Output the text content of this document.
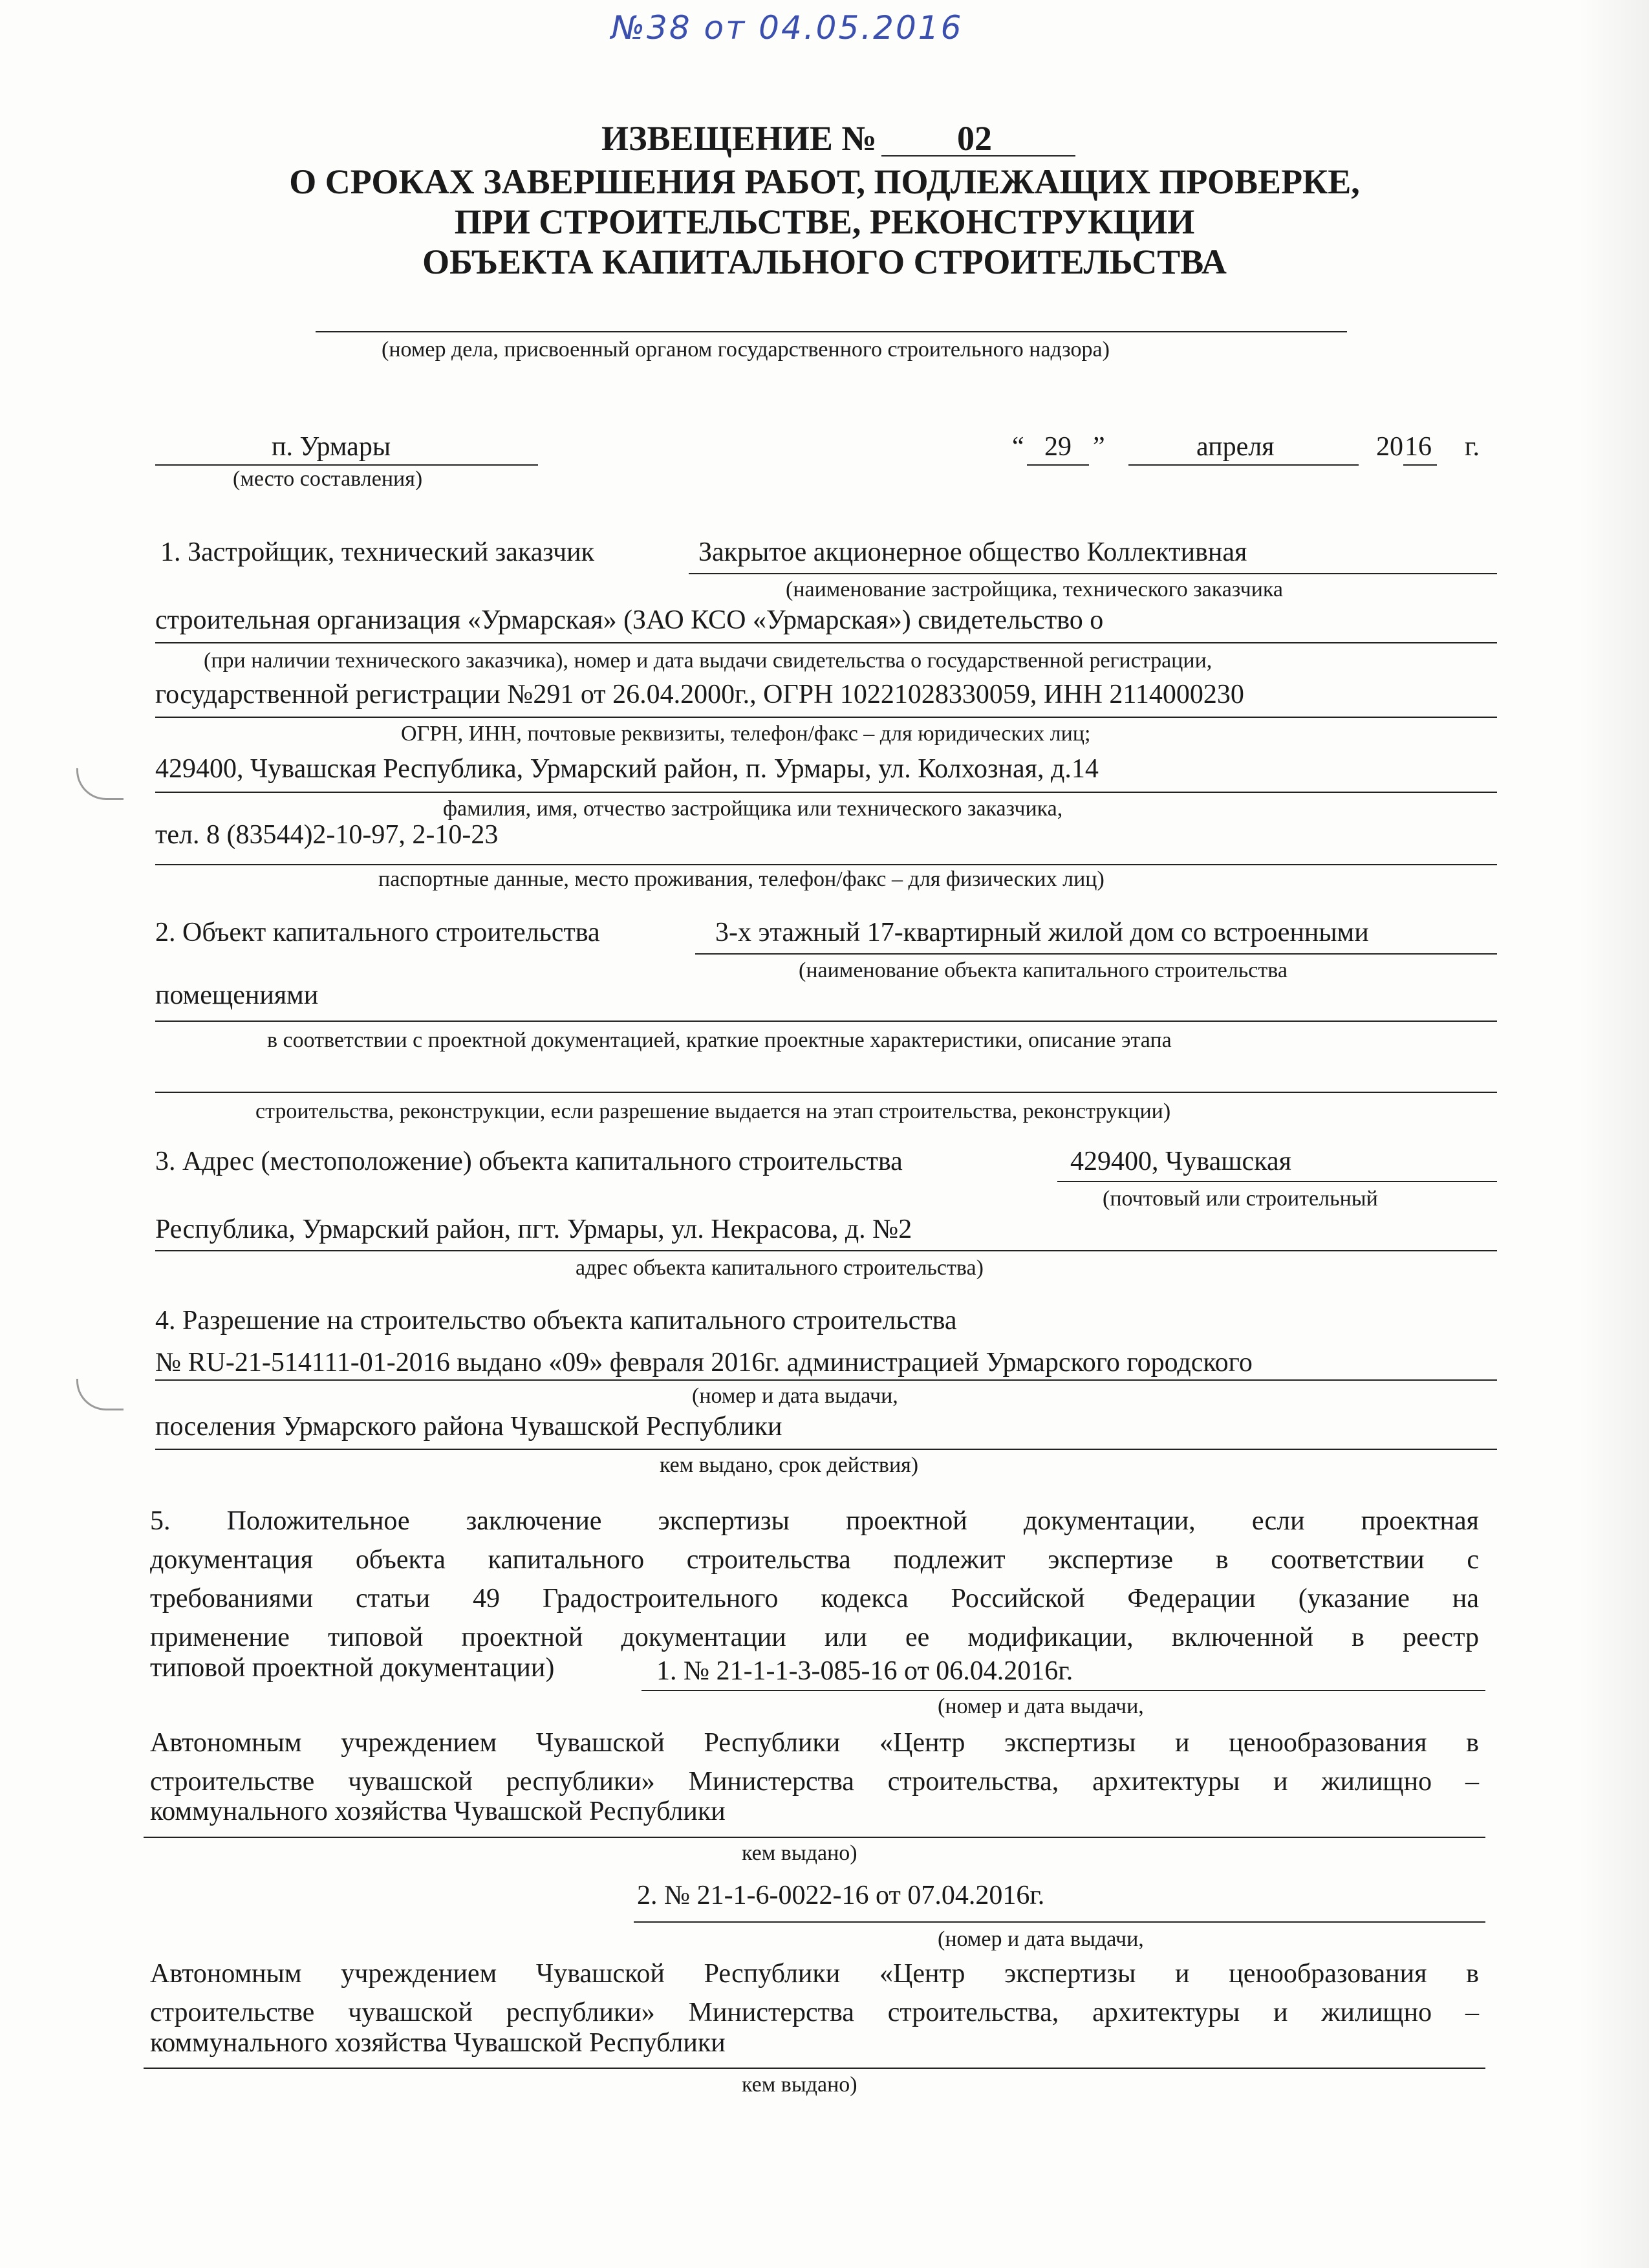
№38 от 04.05.2016
ИЗВЕЩЕНИЕ № 02
О СРОКАХ ЗАВЕРШЕНИЯ РАБОТ, ПОДЛЕЖАЩИХ ПРОВЕРКЕ,
ПРИ СТРОИТЕЛЬСТВЕ, РЕКОНСТРУКЦИИ
ОБЪЕКТА КАПИТАЛЬНОГО СТРОИТЕЛЬСТВА
(номер дела, присвоенный органом государственного строительного надзора)
п. Урмары
(место составления)
“ 29 ”	апреля	20 16 г.
1. Застройщик, технический заказчик	Закрытое акционерное общество Коллективная
(наименование застройщика, технического заказчика
строительная организация «Урмарская» (ЗАО КСО «Урмарская») свидетельство о
(при наличии технического заказчика), номер и дата выдачи свидетельства о государственной регистрации,
государственной регистрации №291 от 26.04.2000г., ОГРН 10221028330059, ИНН 2114000230
ОГРН, ИНН, почтовые реквизиты, телефон/факс – для юридических лиц;
429400, Чувашская Республика, Урмарский район, п. Урмары, ул. Колхозная, д.14
фамилия, имя, отчество застройщика или технического заказчика,
тел. 8 (83544)2-10-97, 2-10-23
паспортные данные, место проживания, телефон/факс – для физических лиц)
2. Объект капитального строительства	3-х этажный 17-квартирный жилой дом со встроенными
(наименование объекта капитального строительства
помещениями
в соответствии с проектной документацией, краткие проектные характеристики, описание этапа
строительства, реконструкции, если разрешение выдается на этап строительства, реконструкции)
3. Адрес (местоположение) объекта капитального строительства	429400, Чувашская
(почтовый или строительный
Республика, Урмарский район, пгт. Урмары, ул. Некрасова, д. №2
адрес объекта капитального строительства)
4. Разрешение на строительство объекта капитального строительства
№ RU-21-514111-01-2016 выдано «09» февраля 2016г. администрацией Урмарского городского
(номер и дата выдачи,
поселения Урмарского района Чувашской Республики
кем выдано, срок действия)
5. Положительное заключение экспертизы проектной документации, если проектная
документация объекта капитального строительства подлежит экспертизе в соответствии с
требованиями статьи 49 Градостроительного кодекса Российской Федерации (указание на
применение типовой проектной документации или ее модификации, включенной в реестр
типовой проектной документации)	1. № 21-1-1-3-085-16 от 06.04.2016г.
(номер и дата выдачи,
Автономным учреждением Чувашской Республики «Центр экспертизы и ценообразования в
строительстве чувашской республики» Министерства строительства, архитектуры и жилищно –
коммунального хозяйства Чувашской Республики
кем выдано)
2. № 21-1-6-0022-16 от 07.04.2016г.
(номер и дата выдачи,
Автономным учреждением Чувашской Республики «Центр экспертизы и ценообразования в
строительстве чувашской республики» Министерства строительства, архитектуры и жилищно –
коммунального хозяйства Чувашской Республики
кем выдано)
